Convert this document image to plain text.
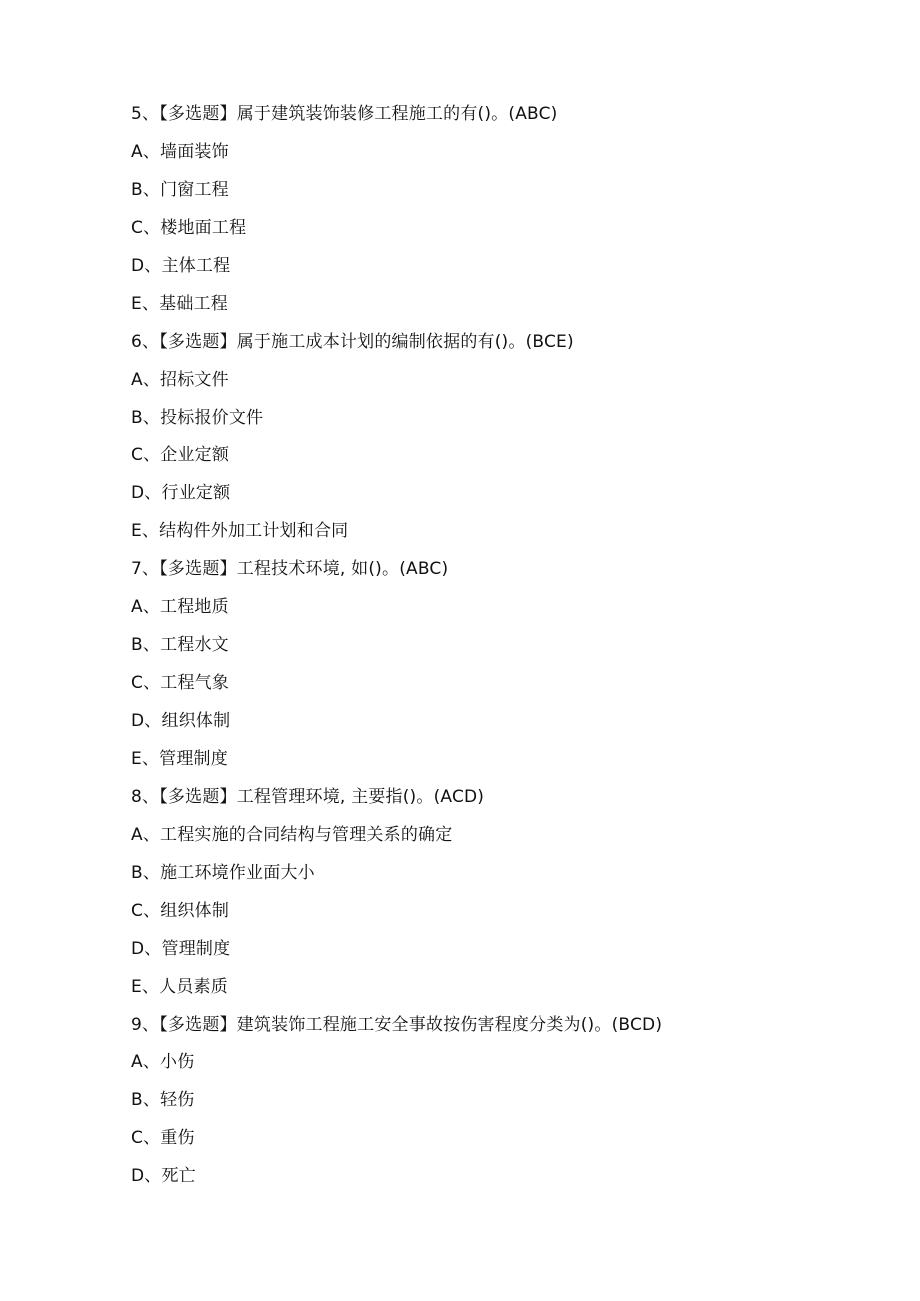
5、【多选题】属于建筑装饰装修工程施工的有()。(ABC)
A、墙面装饰
B、门窗工程
C、楼地面工程
D、主体工程
E、基础工程
6、【多选题】属于施工成本计划的编制依据的有()。(BCE)
A、招标文件
B、投标报价文件
C、企业定额
D、行业定额
E、结构件外加工计划和合同
7、【多选题】工程技术环境, 如()。(ABC)
A、工程地质
B、工程水文
C、工程气象
D、组织体制
E、管理制度
8、【多选题】工程管理环境, 主要指()。(ACD)
A、工程实施的合同结构与管理关系的确定
B、施工环境作业面大小
C、组织体制
D、管理制度
E、人员素质
9、【多选题】建筑装饰工程施工安全事故按伤害程度分类为()。(BCD)
A、小伤
B、轻伤
C、重伤
D、死亡
